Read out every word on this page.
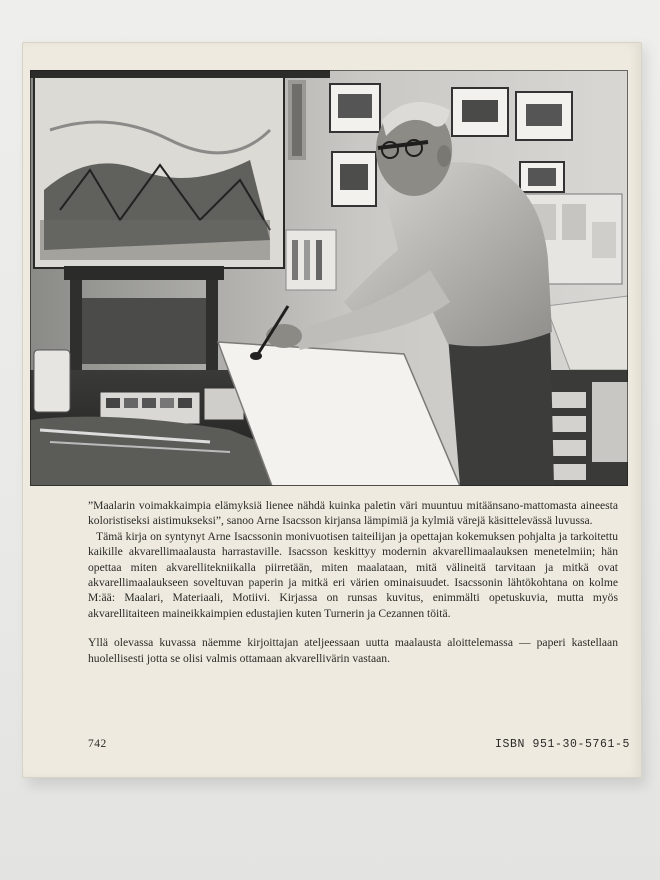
”Maalarin voimakkaimpia elämyksiä lienee nähdä kuinka paletin väri muuntuu mitäänsano-mattomasta aineesta koloristiseksi aistimukseksi”, sanoo Arne Isacsson kirjansa lämpimiä ja kylmiä värejä käsittelevässä luvussa.

Tämä kirja on syntynyt Arne Isacssonin monivuotisen taiteilijan ja opettajan kokemuksen pohjalta ja tarkoitettu kaikille akvarellimaalausta harrastaville. Isacsson keskittyy modernin akvarellimaalauksen menetelmiin; hän opettaa miten akvarellitekniikalla piirretään, miten maalataan, mitä välineitä tarvitaan ja mitkä ovat akvarellimaalaukseen soveltuvan paperin ja mitkä eri värien ominaisuudet. Isacssonin lähtökohtana on kolme M:ää: Maalari, Materiaali, Motiivi. Kirjassa on runsas kuvitus, enimmälti opetuskuvia, mutta myös akvarellitaiteen maineikkaimpien edustajien kuten Turnerin ja Cezannen töitä.

Yllä olevassa kuvassa näemme kirjoittajan ateljeessaan uutta maalausta aloittelemassa — paperi kastellaan huolellisesti jotta se olisi valmis ottamaan akvarellivärin vastaan.

742	ISBN 951-30-5761-5
